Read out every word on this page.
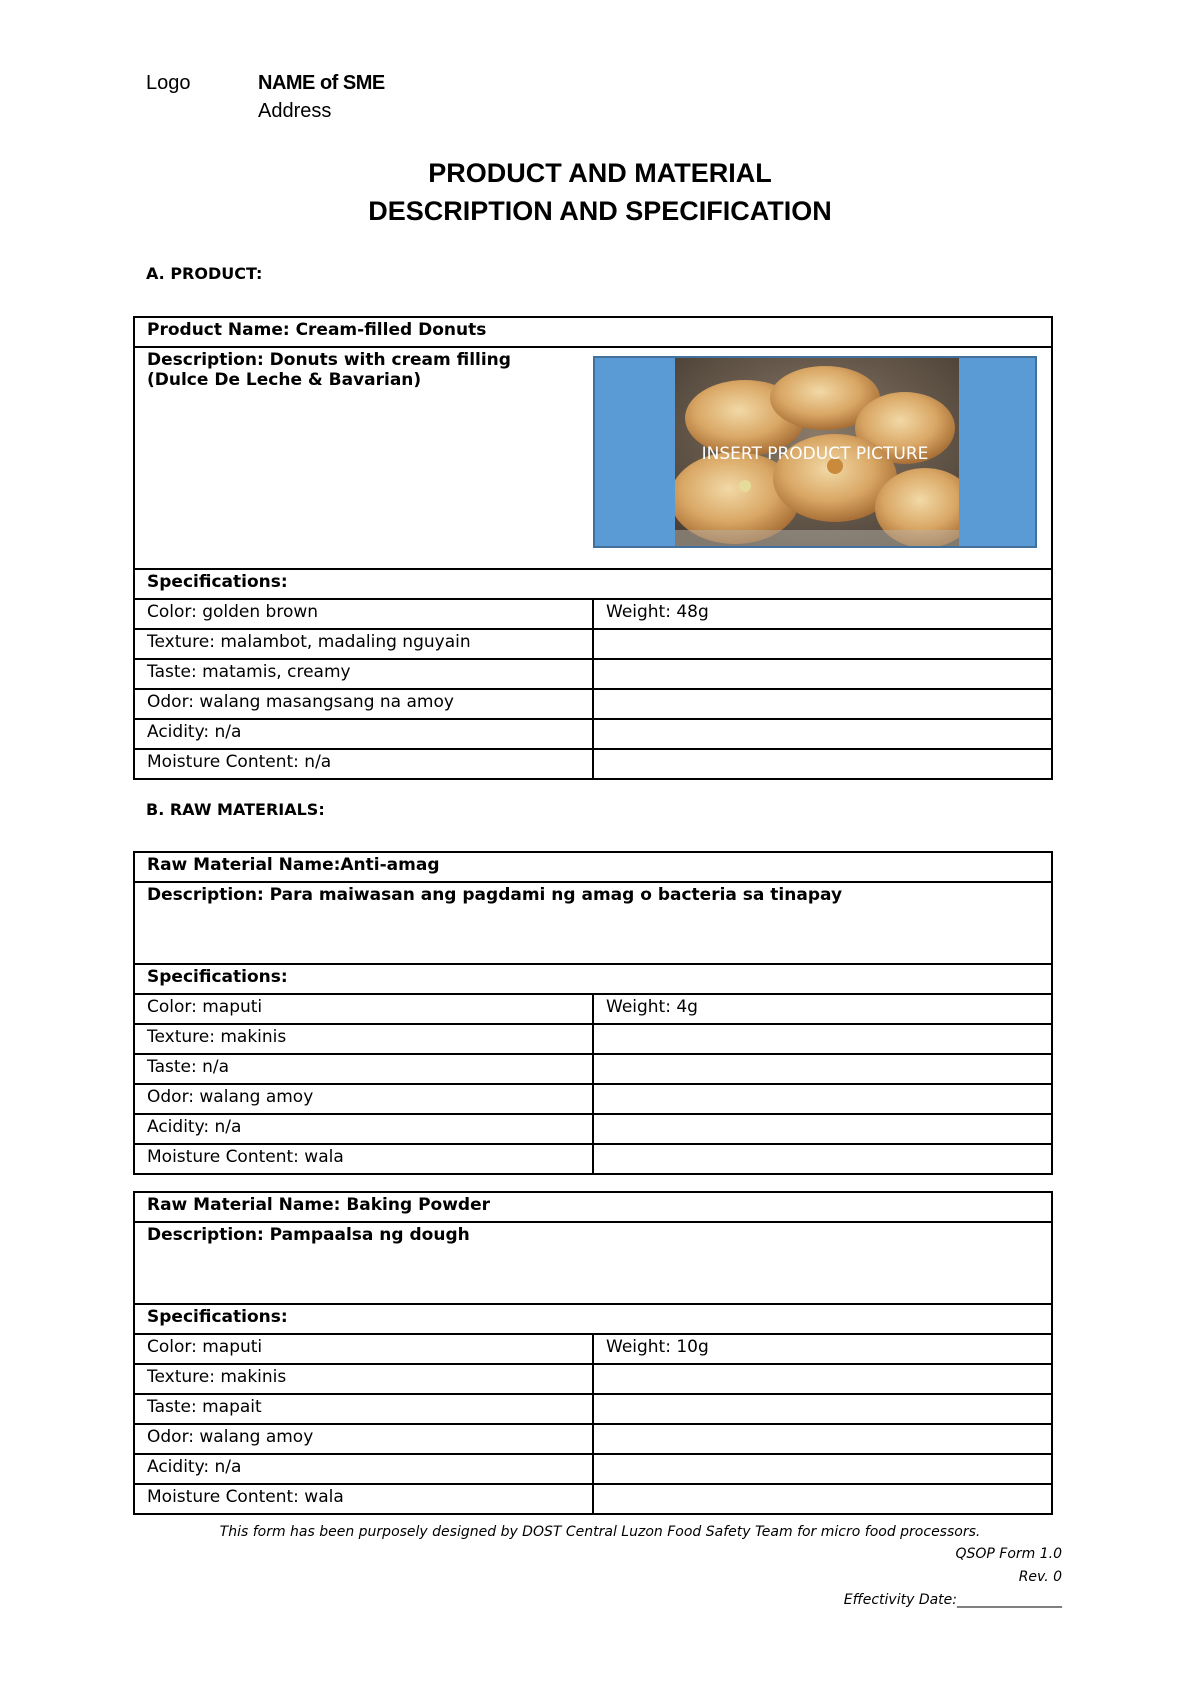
Logo	NAME of SME
Address
PRODUCT AND MATERIAL
DESCRIPTION AND SPECIFICATION
A. PRODUCT:
Product Name: Cream-filled Donuts	

Description: Donuts with cream filling
(Dulce De Leche & Bavarian)
INSERT PRODUCT PICTURE	

Specifications:	
Color: golden brown	Weight: 48g
Texture: malambot, madaling nguyain	
Taste: matamis, creamy	
Odor: walang masangsang na amoy	
Acidity: n/a	
Moisture Content: n/a	
B. RAW MATERIALS:
Raw Material Name:Anti-amag	
Description: Para maiwasan ang pagdami ng amag o bacteria sa tinapay	
Specifications:	
Color: maputi	Weight: 4g
Texture: makinis	
Taste: n/a	
Odor: walang amoy	
Acidity: n/a	
Moisture Content: wala	
Raw Material Name: Baking Powder	
Description: Pampaalsa ng dough	
Specifications:	
Color: maputi	Weight: 10g
Texture: makinis	
Taste: mapait	
Odor: walang amoy	
Acidity: n/a	
Moisture Content: wala	
This form has been purposely designed by DOST Central Luzon Food Safety Team for micro food processors.
QSOP Form 1.0
Rev. 0
Effectivity Date:_______________
